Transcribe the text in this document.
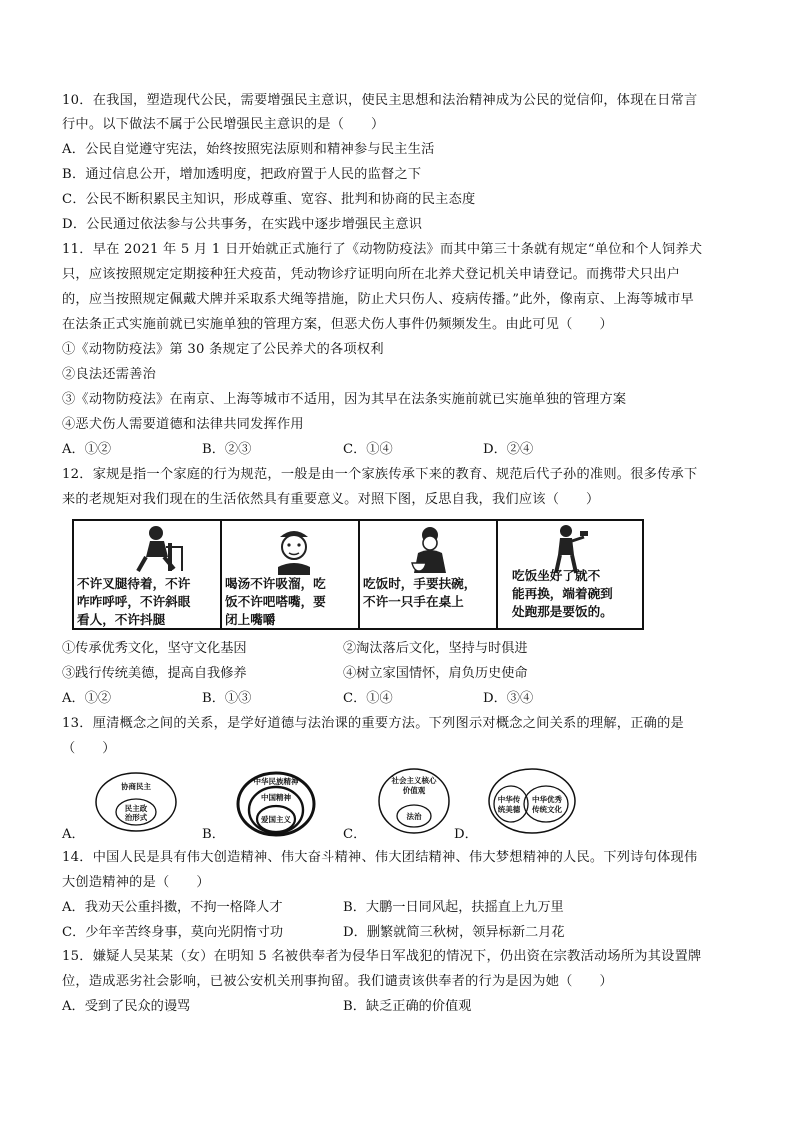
10．在我国，塑造现代公民，需要增强民主意识，使民主思想和法治精神成为公民的觉信仰，体现在日常言
行中。以下做法不属于公民增强民主意识的是（　　）
A．公民自觉遵守宪法，始终按照宪法原则和精神参与民主生活
B．通过信息公开，增加透明度，把政府置于人民的监督之下
C．公民不断积累民主知识，形成尊重、宽容、批判和协商的民主态度
D．公民通过依法参与公共事务，在实践中逐步增强民主意识
11．早在 2021 年 5 月 1 日开始就正式施行了《动物防疫法》而其中第三十条就有规定“单位和个人饲养犬
只，应该按照规定定期接种狂犬疫苗，凭动物诊疗证明向所在北养犬登记机关申请登记。而携带犬只出户
的，应当按照规定佩戴犬牌并采取系犬绳等措施，防止犬只伤人、疫病传播。”此外，像南京、上海等城市早
在法条正式实施前就已实施单独的管理方案，但恶犬伤人事件仍频频发生。由此可见（　　）
①《动物防疫法》第 30 条规定了公民养犬的各项权利
②良法还需善治
③《动物防疫法》在南京、上海等城市不适用，因为其早在法条实施前就已实施单独的管理方案
④恶犬伤人需要道德和法律共同发挥作用
A．①②	B．②③	C．①④	D．②④
12．家规是指一个家庭的行为规范，一般是由一个家族传承下来的教育、规范后代子孙的准则。很多传承下
来的老规矩对我们现在的生活依然具有重要意义。对照下图，反思自我，我们应该（　　）
不许叉腿待着，不许
咋咋呼呼，不许斜眼
看人，不许抖腿
喝汤不许吸溜，吃
饭不许吧嗒嘴，要
闭上嘴嚼
吃饭时，手要扶碗，
不许一只手在桌上
吃饭坐好了就不
能再换，端着碗到
处跑那是要饭的。
①传承优秀文化，坚守文化基因	②淘汰落后文化，坚持与时俱进
③践行传统美德，提高自我修养	④树立家国情怀，肩负历史使命
A．①②	B．①③	C．①④	D．③④
13．厘清概念之间的关系，是学好道德与法治课的重要方法。下列图示对概念之间关系的理解，正确的是
（　　）
协商民主
民主政
治形式
A．
中华民族精神
中国精神
爱国主义
B．
社会主义核心
价值观
法治
C．
中华传
统美德
中华优秀
传统文化
D．
14．中国人民是具有伟大创造精神、伟大奋斗精神、伟大团结精神、伟大梦想精神的人民。下列诗句体现伟
大创造精神的是（　　）
A．我劝天公重抖擞，不拘一格降人才	B．大鹏一日同风起，扶摇直上九万里
C．少年辛苦终身事，莫向光阴惰寸功	D．删繁就简三秋树，领异标新二月花
15．嫌疑人吴某某（女）在明知 5 名被供奉者为侵华日军战犯的情况下，仍出资在宗教活动场所为其设置牌
位，造成恶劣社会影响，已被公安机关刑事拘留。我们谴责该供奉者的行为是因为她（　　）
A．受到了民众的谩骂	B．缺乏正确的价值观
